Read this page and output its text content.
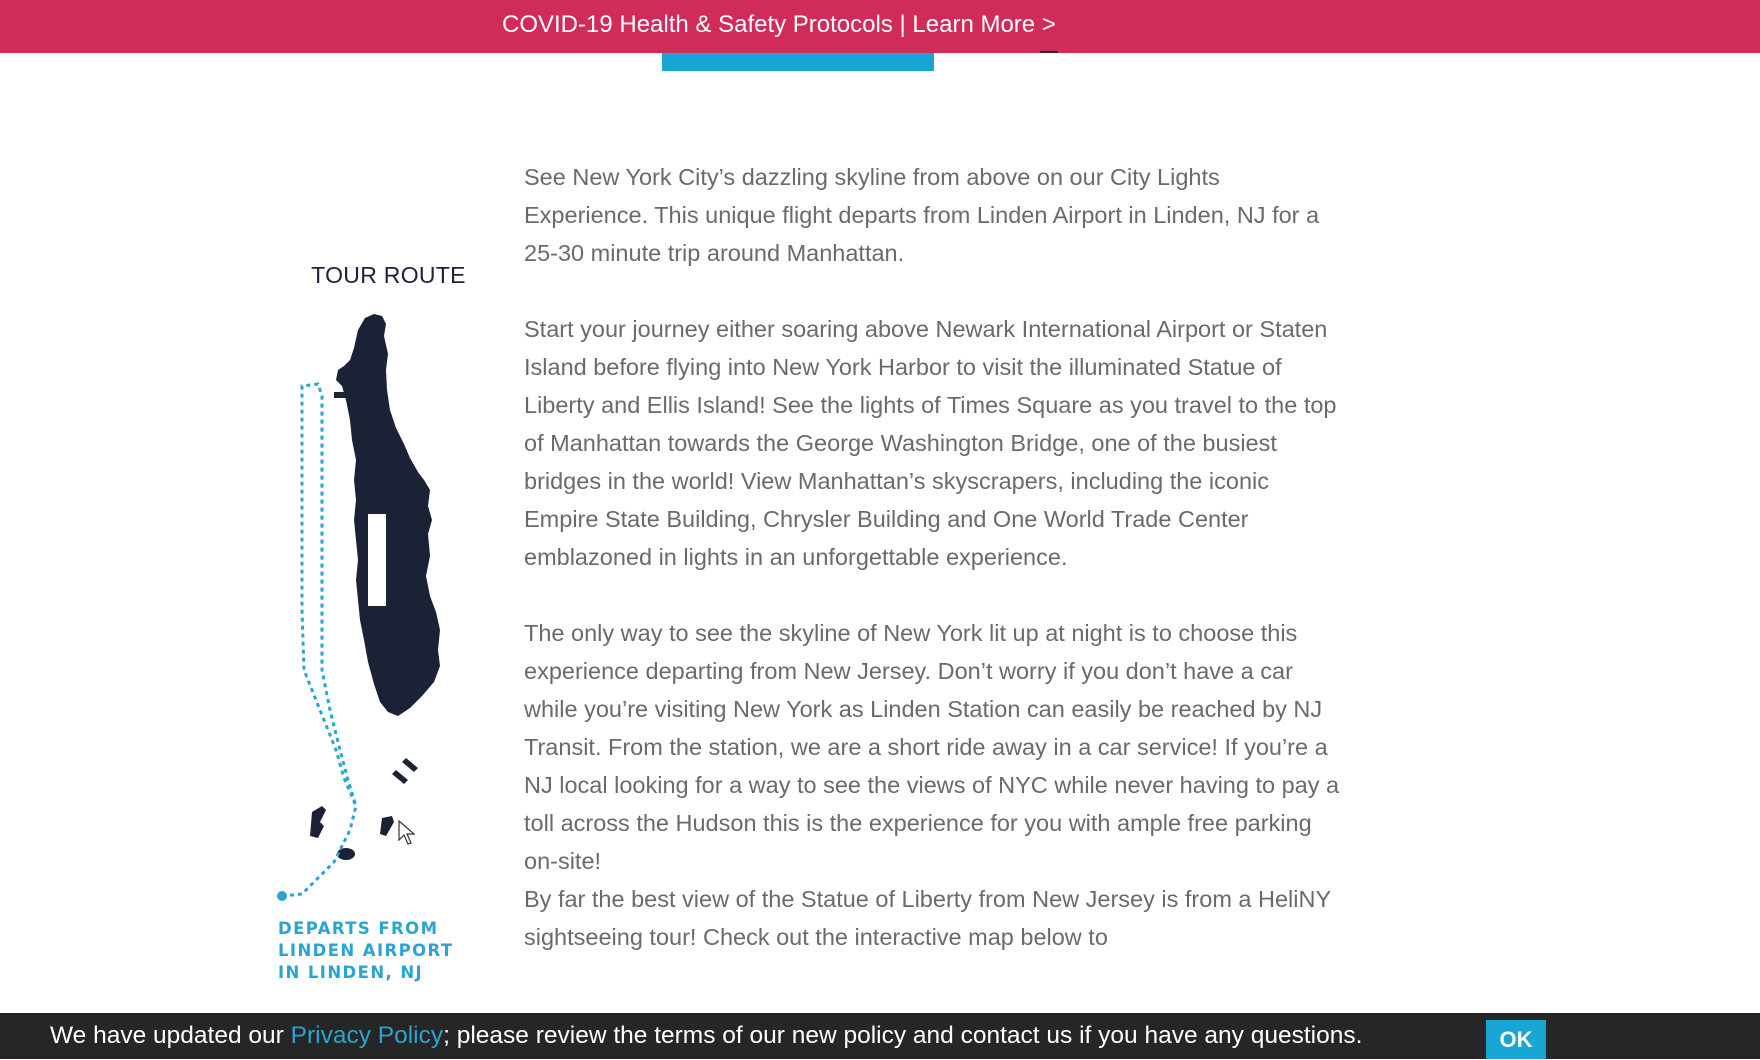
COVID-19 Health & Safety Protocols | Learn More >
TOUR ROUTE
DEPARTS FROM
LINDEN AIRPORT
IN LINDEN, NJ

See New York City’s dazzling skyline from above on our City Lights Experience. This unique flight departs from Linden Airport in Linden, NJ for a 25-30 minute trip around Manhattan.

Start your journey either soaring above Newark International Airport or Staten Island before flying into New York Harbor to visit the illuminated Statue of Liberty and Ellis Island! See the lights of Times Square as you travel to the top of Manhattan towards the George Washington Bridge, one of the busiest bridges in the world! View Manhattan’s skyscrapers, including the iconic Empire State Building, Chrysler Building and One World Trade Center emblazoned in lights in an unforgettable experience.

The only way to see the skyline of New York lit up at night is to choose this experience departing from New Jersey. Don’t worry if you don’t have a car while you’re visiting New York as Linden Station can easily be reached by NJ Transit. From the station, we are a short ride away in a car service! If you’re a NJ local looking for a way to see the views of NYC while never having to pay a toll across the Hudson this is the experience for you with ample free parking on-site!

By far the best view of the Statue of Liberty from New Jersey is from a HeliNY sightseeing tour! Check out the interactive map below to

We have updated our Privacy Policy; please review the terms of our new policy and contact us if you have any questions.	OK
